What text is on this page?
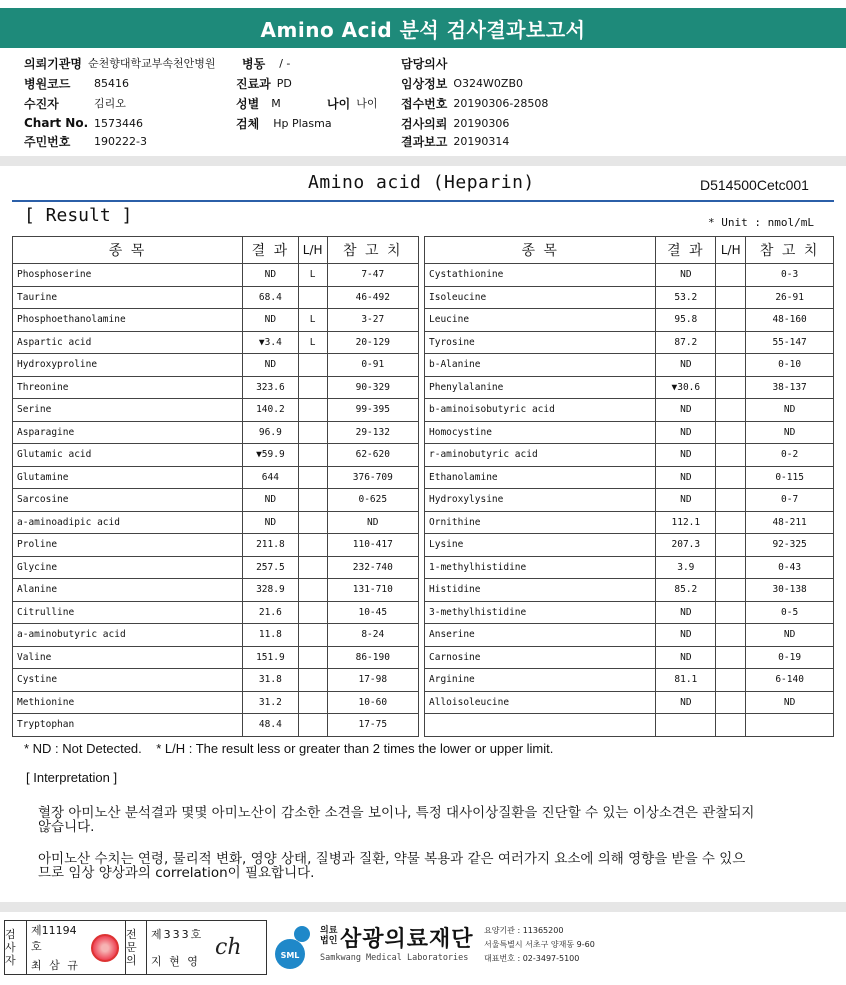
Amino Acid 분석 검사결과보고서
의뢰기관명 순천향대학교부속천안병원 병동 / -	담당의사
병원코드	85416	진료과 PD	임상정보 O324W0ZB0
수진자	김리오	성별 M	나이 나이 접수번호 20190306-28508
Chart No. 1573446	검체 Hp Plasma	검사의뢰 20190306
주민번호	190222-3	결과보고 20190314
Amino acid (Heparin)	D514500Cetc001
[ Result ]	* Unit : nmol/mL
종 목	결 과	L/H	참 고 치
Phosphoserine	ND	L	7-47
Taurine	68.4		46-492
Phosphoethanolamine	ND	L	3-27
Aspartic acid	▼3.4	L	20-129
Hydroxyproline	ND		0-91
Threonine	323.6		90-329
Serine	140.2		99-395
Asparagine	96.9		29-132
Glutamic acid	▼59.9		62-620
Glutamine	644		376-709
Sarcosine	ND		0-625
a-aminoadipic acid	ND		ND
Proline	211.8		110-417
Glycine	257.5		232-740
Alanine	328.9		131-710
Citrulline	21.6		10-45
a-aminobutyric acid	11.8		8-24
Valine	151.9		86-190
Cystine	31.8		17-98
Methionine	31.2		10-60
Tryptophan	48.4		17-75
종 목	결 과	L/H	참 고 치
Cystathionine	ND		0-3
Isoleucine	53.2		26-91
Leucine	95.8		48-160
Tyrosine	87.2		55-147
b-Alanine	ND		0-10
Phenylalanine	▼30.6		38-137
b-aminoisobutyric acid	ND		ND
Homocystine	ND		ND
r-aminobutyric acid	ND		0-2
Ethanolamine	ND		0-115
Hydroxylysine	ND		0-7
Ornithine	112.1		48-211
Lysine	207.3		92-325
1-methylhistidine	3.9		0-43
Histidine	85.2		30-138
3-methylhistidine	ND		0-5
Anserine	ND		ND
Carnosine	ND		0-19
Arginine	81.1		6-140
Alloisoleucine	ND		ND

* ND : Not Detected.    * L/H : The result less or greater than 2 times the lower or upper limit.
[ Interpretation ]
혈장 아미노산 분석결과 몇몇 아미노산이 감소한 소견을 보이나, 특정 대사이상질환을 진단할 수 있는 이상소견은 관찰되지 않습니다.
아미노산 수치는 연령, 물리적 변화, 영양 상태, 질병과 질환, 약물 복용과 같은 여러가지 요소에 의해 영향을 받을 수 있으므로 임상 양상과의 correlation이 필요합니다.
검사자
제11194호
최 삼 규
전문의
제333호
지 현 영
ch	SML
의료법인 삼광의료재단
Samkwang Medical Laboratories
요양기관 : 11365200
서울특별시 서초구 양재동 9-60
대표번호 : 02-3497-5100
